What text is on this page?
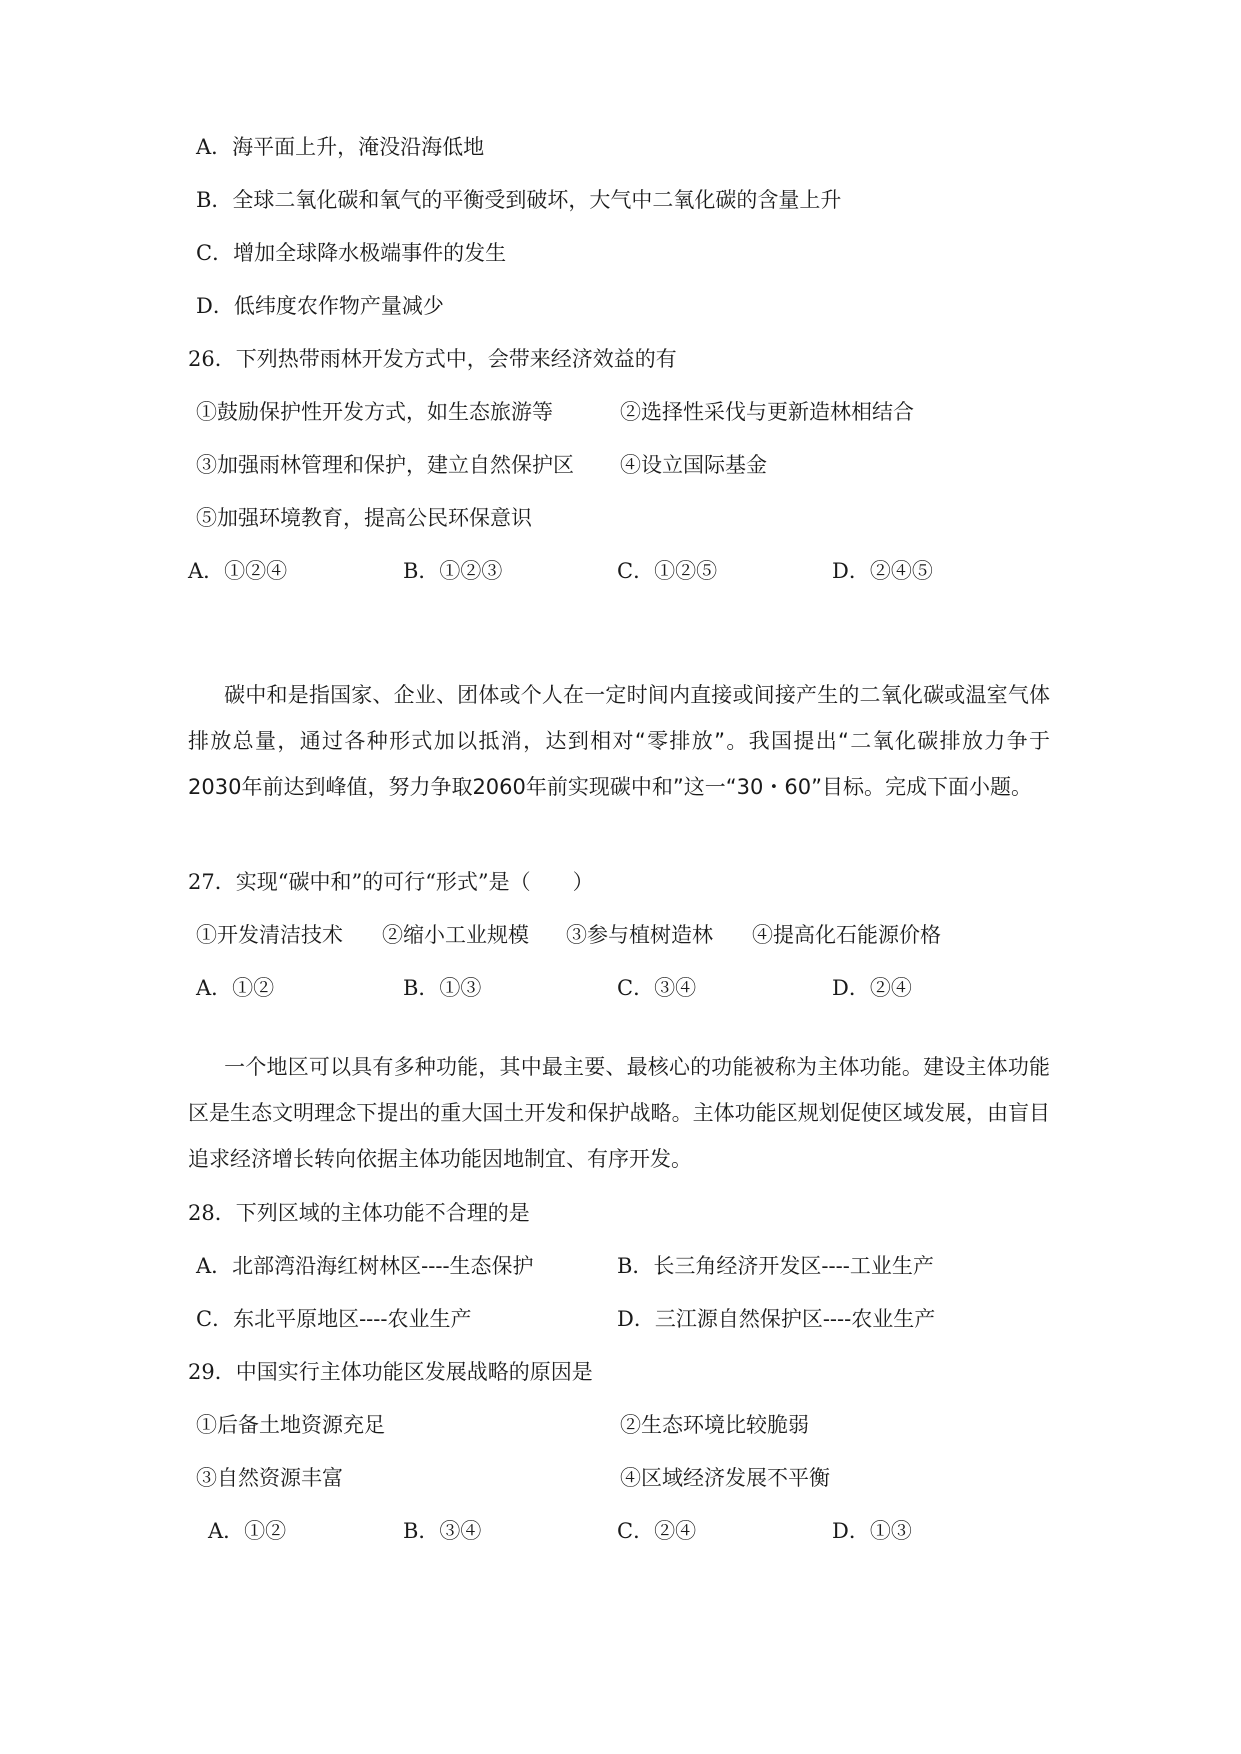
A．海平面上升，淹没沿海低地
B．全球二氧化碳和氧气的平衡受到破坏，大气中二氧化碳的含量上升
C．增加全球降水极端事件的发生
D．低纬度农作物产量减少
26．下列热带雨林开发方式中，会带来经济效益的有
①鼓励保护性开发方式，如生态旅游等	②选择性采伐与更新造林相结合
③加强雨林管理和保护，建立自然保护区 ④设立国际基金
⑤加强环境教育，提高公民环保意识
A．①②④	B．①②③	C．①②⑤	D．②④⑤
碳中和是指国家、企业、团体或个人在一定时间内直接或间接产生的二氧化碳或温室气体排放总量，通过各种形式加以抵消，达到相对“零排放”。我国提出“二氧化碳排放力争于2030年前达到峰值，努力争取2060年前实现碳中和”这一“30・60”目标。完成下面小题。
27．实现“碳中和”的可行“形式”是（　　）
①开发清洁技术 ②缩小工业规模 ③参与植树造林 ④提高化石能源价格
A．①②	B．①③	C．③④	D．②④
一个地区可以具有多种功能，其中最主要、最核心的功能被称为主体功能。建设主体功能区是生态文明理念下提出的重大国土开发和保护战略。主体功能区规划促使区域发展，由盲目追求经济增长转向依据主体功能因地制宜、有序开发。
28．下列区域的主体功能不合理的是
A．北部湾沿海红树林区----生态保护	B．长三角经济开发区----工业生产
C．东北平原地区----农业生产	D．三江源自然保护区----农业生产
29．中国实行主体功能区发展战略的原因是
①后备土地资源充足	②生态环境比较脆弱
③自然资源丰富	④区域经济发展不平衡
A．①②	B．③④	C．②④	D．①③
